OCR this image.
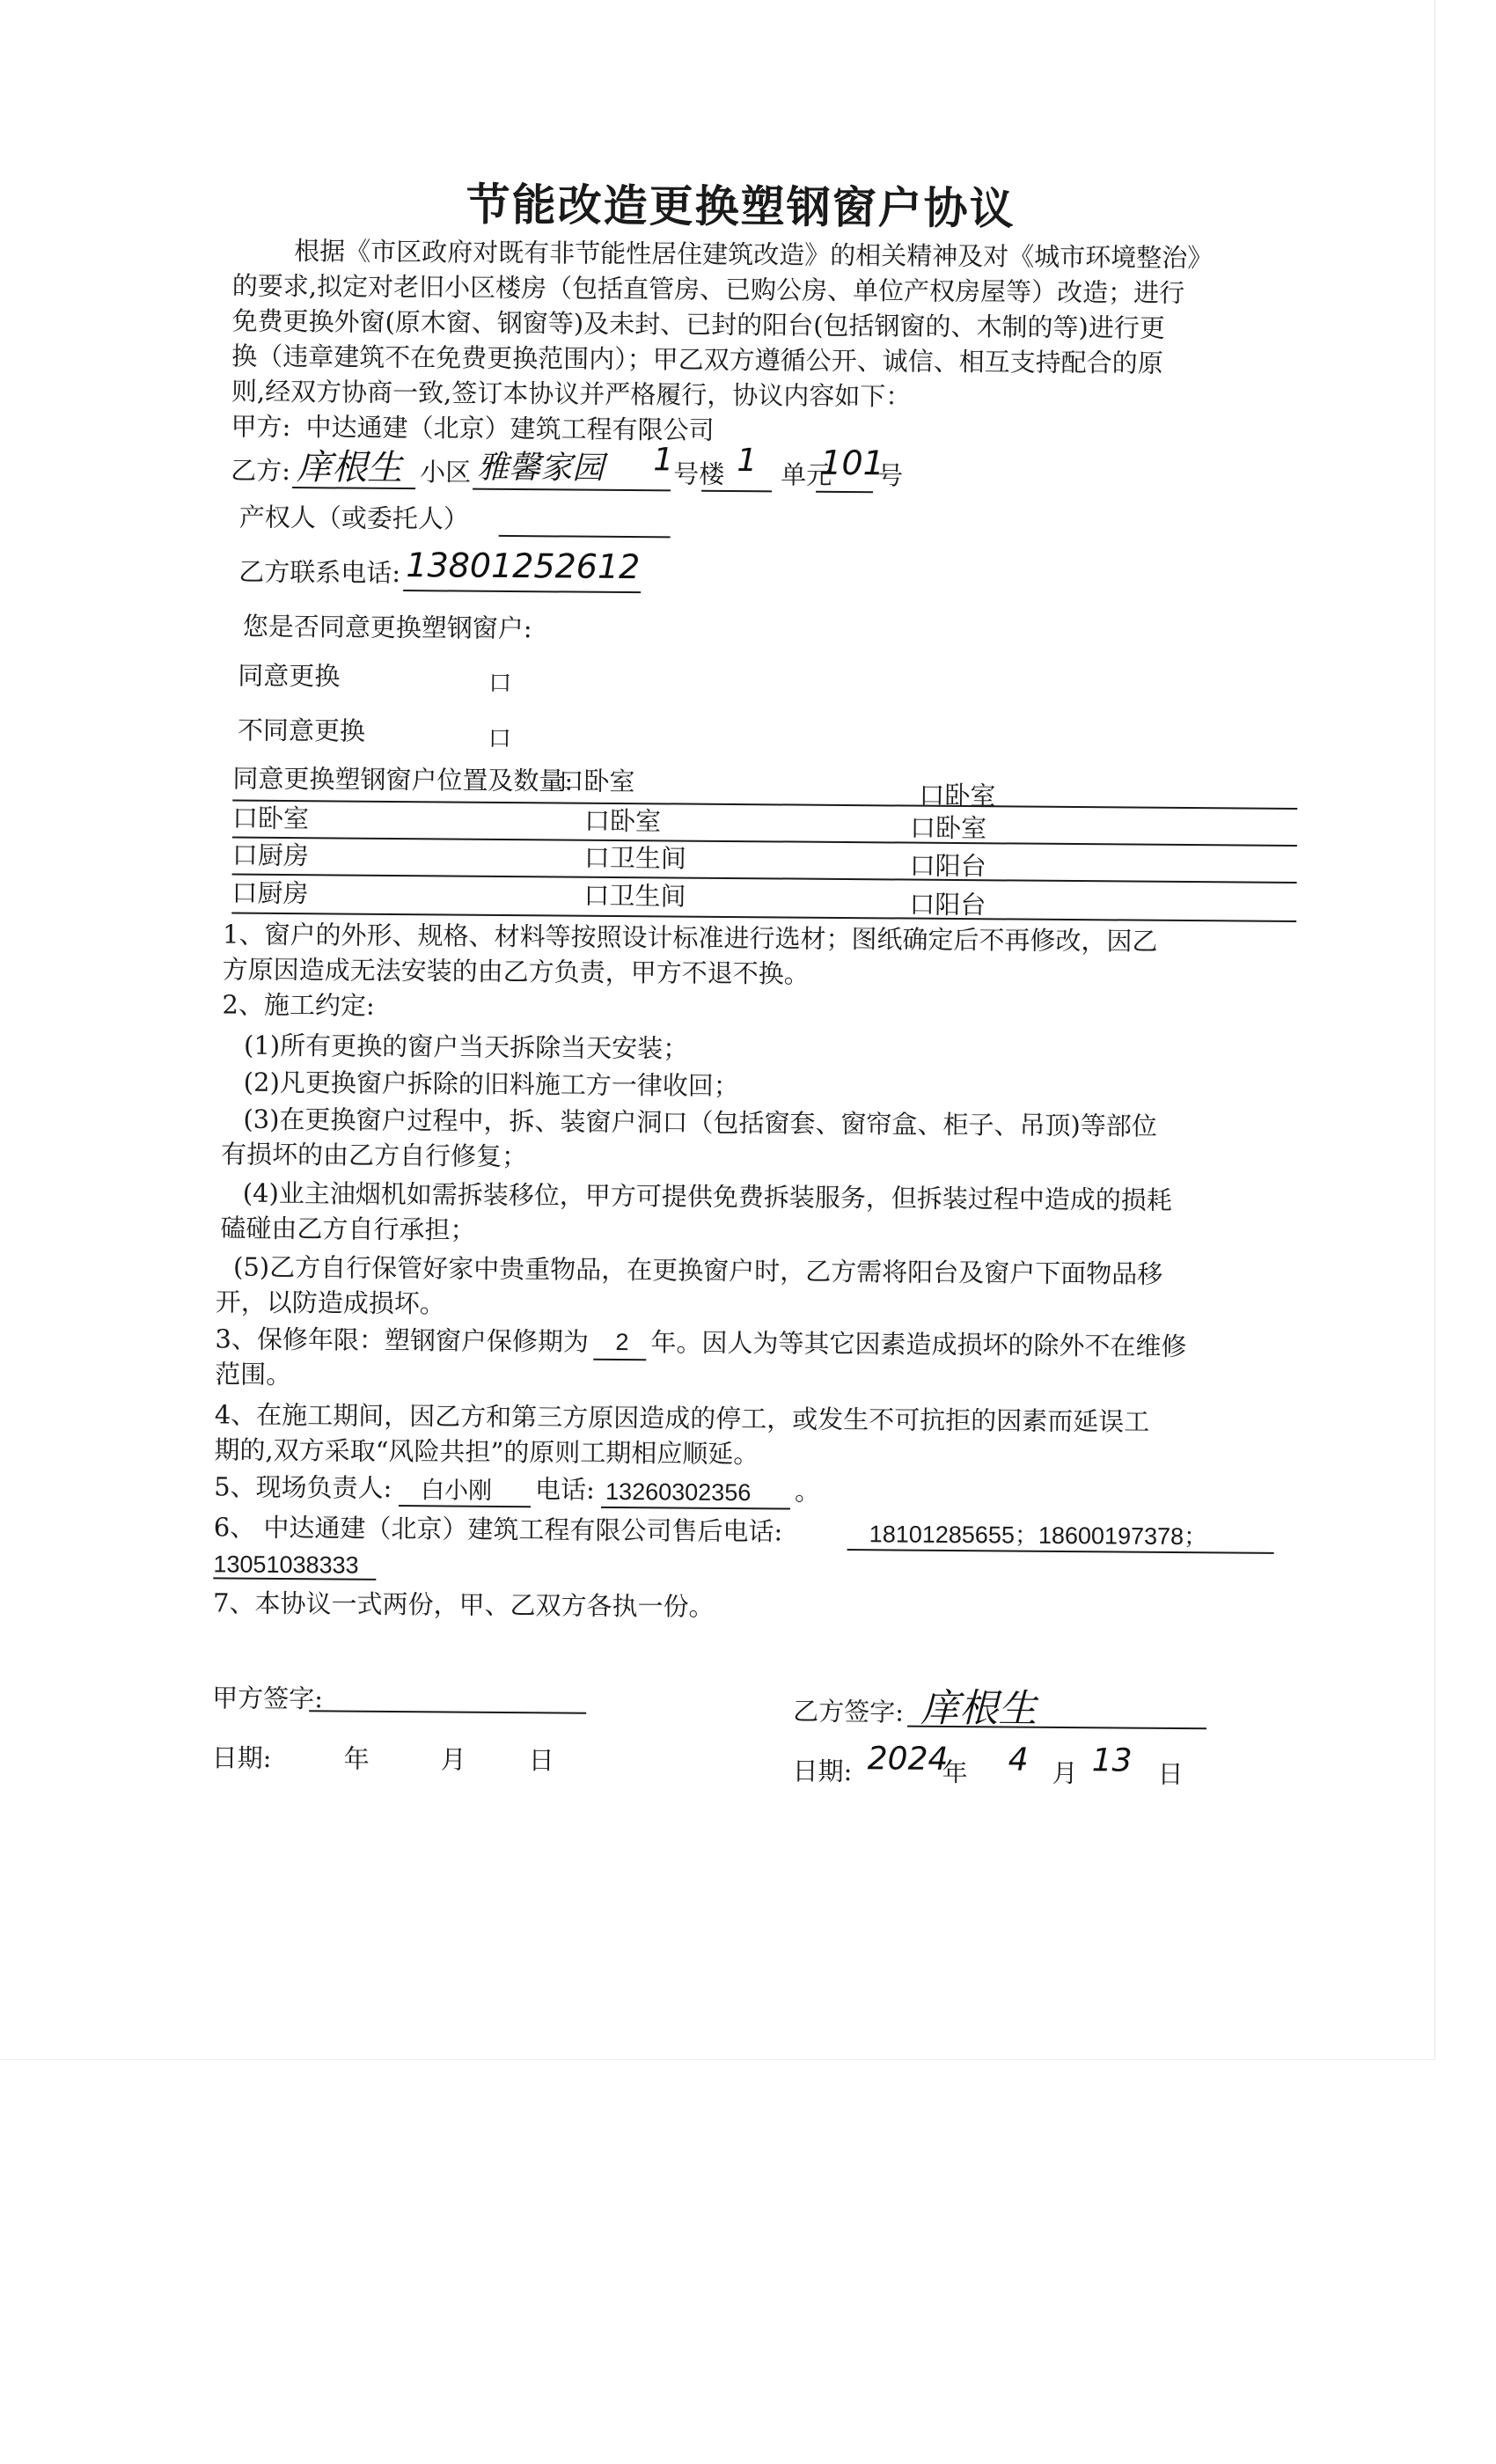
节能改造更换塑钢窗户协议
根据《市区政府对既有非节能性居住建筑改造》的相关精神及对《城市环境整治》
的要求,拟定对老旧小区楼房（包括直管房、已购公房、单位产权房屋等）改造；进行
免费更换外窗(原木窗、钢窗等)及未封、已封的阳台(包括钢窗的、木制的等)进行更
换（违章建筑不在免费更换范围内）；甲乙双方遵循公开、诚信、相互支持配合的原
则,经双方协商一致,签订本协议并严格履行，协议内容如下：
甲方: 中达通建（北京）建筑工程有限公司
乙方: 庠根生 小区 雅馨家园 1 号楼 1 单元
101
号
产权人（或委托人）
乙方联系电话: 13801252612
您是否同意更换塑钢窗户:
同意更换	口
不同意更换	口
同意更换塑钢窗户位置及数量:
口卧室	口卧室
口卧室	口卧室	口卧室
口厨房	口卫生间	口阳台
口厨房	口卫生间	口阳台
1、窗户的外形、规格、材料等按照设计标准进行选材；图纸确定后不再修改，因乙
方原因造成无法安装的由乙方负责，甲方不退不换。
2、施工约定:
(1)所有更换的窗户当天拆除当天安装；
(2)凡更换窗户拆除的旧料施工方一律收回；
(3)在更换窗户过程中，拆、装窗户洞口（包括窗套、窗帘盒、柜子、吊顶)等部位
有损坏的由乙方自行修复；
(4)业主油烟机如需拆装移位，甲方可提供免费拆装服务，但拆装过程中造成的损耗
磕碰由乙方自行承担；
(5)乙方自行保管好家中贵重物品，在更换窗户时，乙方需将阳台及窗户下面物品移
开，以防造成损坏。
3、保修年限：塑钢窗户保修期为 2 年。因人为等其它因素造成损坏的除外不在维修
范围。
4、在施工期间，因乙方和第三方原因造成的停工，或发生不可抗拒的因素而延误工
期的,双方采取“风险共担”的原则工期相应顺延。
5、现场负责人: 白小刚 电话: 13260302356 。
6、 中达通建（北京）建筑工程有限公司售后电话:	18101285655；18600197378；
13051038333
7、本协议一式两份，甲、乙双方各执一份。
甲方签字:	乙方签字: 庠根生
日期:	年	月 日	日期: 2024
年 4 月 13 日
